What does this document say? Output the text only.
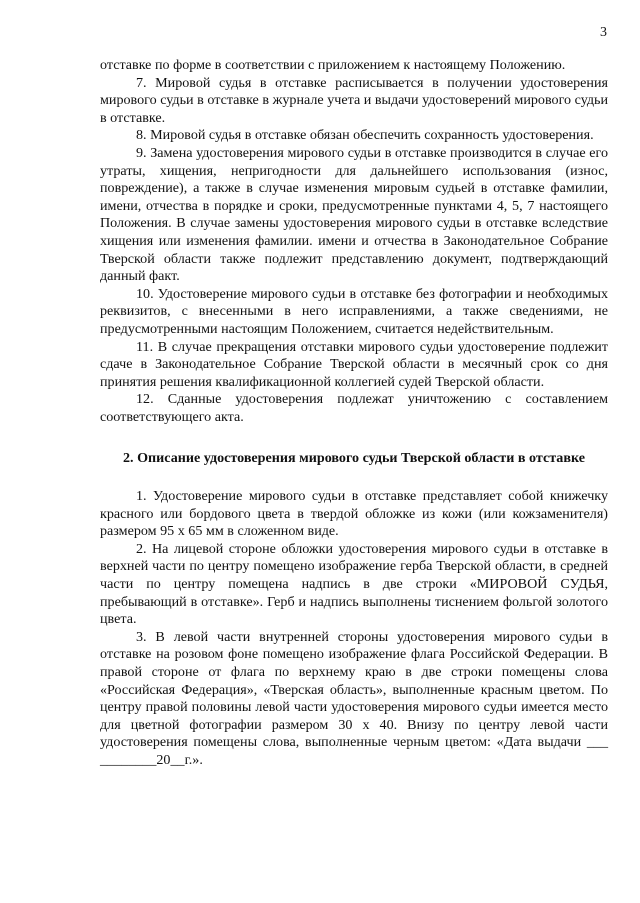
3

отставке по форме в соответствии с приложением к настоящему Положению.

7. Мировой судья в отставке расписывается в получении удостоверения мирового судьи в отставке в журнале учета и выдачи удостоверений мирового судьи в отставке.

8. Мировой судья в отставке обязан обеспечить сохранность удостоверения.

9. Замена удостоверения мирового судьи в отставке производится в случае его утраты, хищения, непригодности для дальнейшего использования (износ, повреждение), а также в случае изменения мировым судьей в отставке фамилии, имени, отчества в порядке и сроки, предусмотренные пунктами 4, 5, 7 настоящего Положения. В случае замены удостоверения мирового судьи в отставке вследствие хищения или изменения фамилии. имени и отчества в Законодательное Собрание Тверской области также подлежит представлению документ, подтверждающий данный факт.

10. Удостоверение мирового судьи в отставке без фотографии и необходимых реквизитов, с внесенными в него исправлениями, а также сведениями, не предусмотренными настоящим Положением, считается недействительным.

11. В случае прекращения отставки мирового судьи удостоверение подлежит сдаче в Законодательное Собрание Тверской области в месячный срок со дня принятия решения квалификационной коллегией судей Тверской области.

12. Сданные удостоверения подлежат уничтожению с составлением соответствующего акта.

2. Описание удостоверения мирового судьи Тверской области в отставке

1. Удостоверение мирового судьи в отставке представляет собой книжечку красного или бордового цвета в твердой обложке из кожи (или кожзаменителя) размером 95 х 65 мм в сложенном виде.

2. На лицевой стороне обложки удостоверения мирового судьи в отставке в верхней части по центру помещено изображение герба Тверской области, в средней части по центру помещена надпись в две строки «МИРОВОЙ СУДЬЯ, пребывающий в отставке». Герб и надпись выполнены тиснением фольгой золотого цвета.

3. В левой части внутренней стороны удостоверения мирового судьи в отставке на розовом фоне помещено изображение флага Российской Федерации. В правой стороне от флага по верхнему краю в две строки помещены слова «Российская Федерация», «Тверская область», выполненные красным цветом. По центру правой половины левой части удостоверения мирового судьи имеется место для цветной фотографии размером 30 х 40. Внизу по центру левой части удостоверения помещены слова, выполненные черным цветом: «Дата выдачи ___ ________20__г.».
